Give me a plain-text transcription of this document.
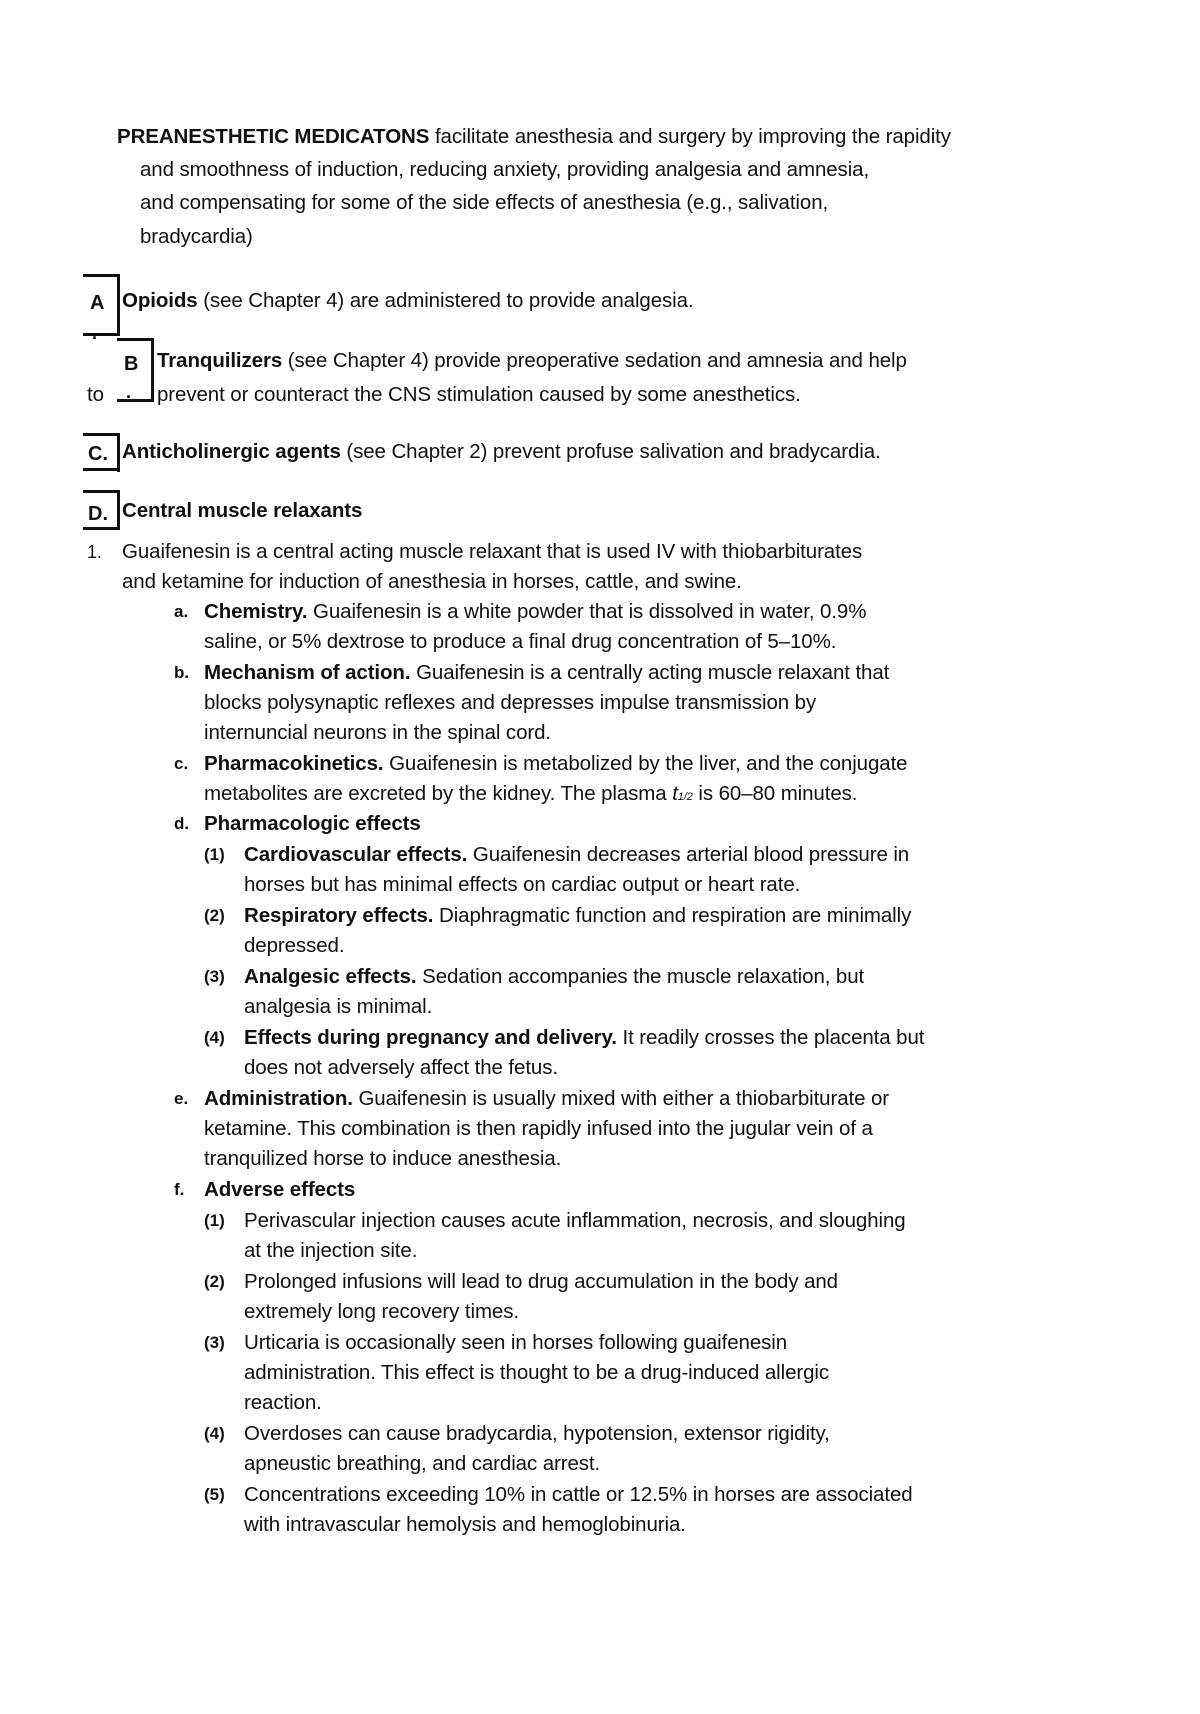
PREANESTHETIC MEDICATONS facilitate anesthesia and surgery by improving the rapidity
and smoothness of induction, reducing anxiety, providing analgesia and amnesia,
and compensating for some of the side effects of anesthesia (e.g., salivation,
bradycardia)
A
.
Opioids (see Chapter 4) are administered to provide analgesia.
B
.
Tranquilizers (see Chapter 4) provide preoperative sedation and amnesia and help
to	prevent or counteract the CNS stimulation caused by some anesthetics.
C. Anticholinergic agents (see Chapter 2) prevent profuse salivation and bradycardia.
D. Central muscle relaxants
1. Guaifenesin is a central acting muscle relaxant that is used IV with thiobarbiturates
and ketamine for induction of anesthesia in horses, cattle, and swine.
a. Chemistry. Guaifenesin is a white powder that is dissolved in water, 0.9%
saline, or 5% dextrose to produce a final drug concentration of 5–10%.
b. Mechanism of action. Guaifenesin is a centrally acting muscle relaxant that
blocks polysynaptic reflexes and depresses impulse transmission by
internuncial neurons in the spinal cord.
c. Pharmacokinetics. Guaifenesin is metabolized by the liver, and the conjugate
metabolites are excreted by the kidney. The plasma t1/2 is 60–80 minutes.
d. Pharmacologic effects
(1) Cardiovascular effects. Guaifenesin decreases arterial blood pressure in
horses but has minimal effects on cardiac output or heart rate.
(2) Respiratory effects. Diaphragmatic function and respiration are minimally
depressed.
(3) Analgesic effects. Sedation accompanies the muscle relaxation, but
analgesia is minimal.
(4) Effects during pregnancy and delivery. It readily crosses the placenta but
does not adversely affect the fetus.
e. Administration. Guaifenesin is usually mixed with either a thiobarbiturate or
ketamine. This combination is then rapidly infused into the jugular vein of a
tranquilized horse to induce anesthesia.
f. Adverse effects
(1) Perivascular injection causes acute inflammation, necrosis, and sloughing
at the injection site.
(2) Prolonged infusions will lead to drug accumulation in the body and
extremely long recovery times.
(3) Urticaria is occasionally seen in horses following guaifenesin
administration. This effect is thought to be a drug-induced allergic
reaction.
(4) Overdoses can cause bradycardia, hypotension, extensor rigidity,
apneustic breathing, and cardiac arrest.
(5) Concentrations exceeding 10% in cattle or 12.5% in horses are associated
with intravascular hemolysis and hemoglobinuria.
